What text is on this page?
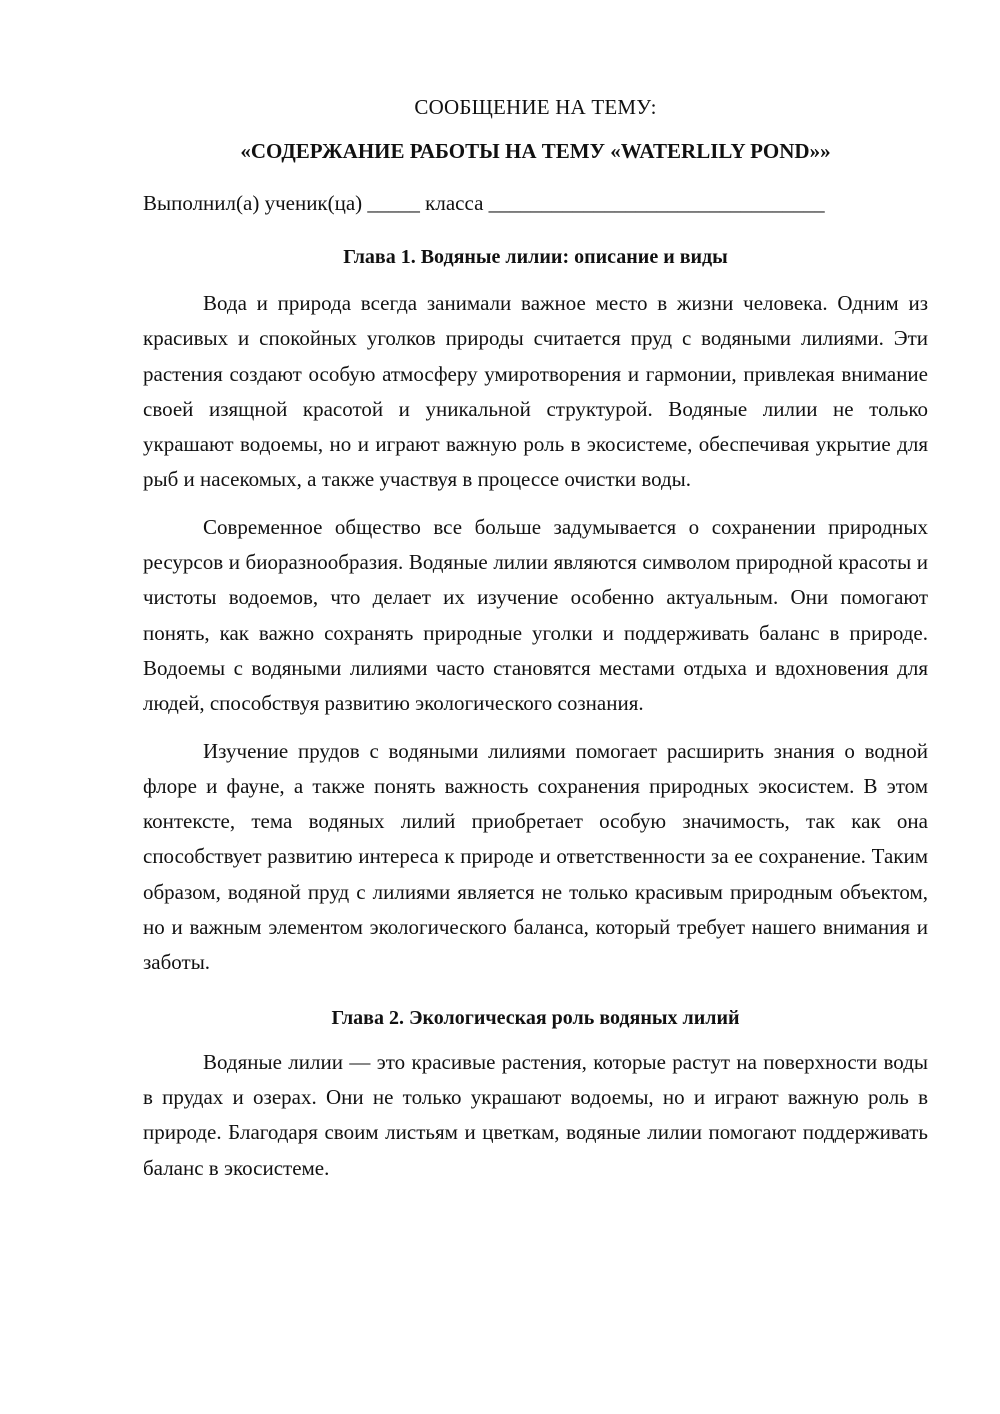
СООБЩЕНИЕ НА ТЕМУ:

«СОДЕРЖАНИЕ РАБОТЫ НА ТЕМУ «WATERLILY POND»»

Выполнил(а) ученик(ца) _____ класса ________________________________

Глава 1. Водяные лилии: описание и виды

Вода и природа всегда занимали важное место в жизни человека. Одним из красивых и спокойных уголков природы считается пруд с водяными лилиями. Эти растения создают особую атмосферу умиротворения и гармонии, привлекая внимание своей изящной красотой и уникальной структурой. Водяные лилии не только украшают водоемы, но и играют важную роль в экосистеме, обеспечивая укрытие для рыб и насекомых, а также участвуя в процессе очистки воды.

Современное общество все больше задумывается о сохранении природных ресурсов и биоразнообразия. Водяные лилии являются символом природной красоты и чистоты водоемов, что делает их изучение особенно актуальным. Они помогают понять, как важно сохранять природные уголки и поддерживать баланс в природе. Водоемы с водяными лилиями часто становятся местами отдыха и вдохновения для людей, способствуя развитию экологического сознания.

Изучение прудов с водяными лилиями помогает расширить знания о водной флоре и фауне, а также понять важность сохранения природных экосистем. В этом контексте, тема водяных лилий приобретает особую значимость, так как она способствует развитию интереса к природе и ответственности за ее сохранение. Таким образом, водяной пруд с лилиями является не только красивым природным объектом, но и важным элементом экологического баланса, который требует нашего внимания и заботы.

Глава 2. Экологическая роль водяных лилий

Водяные лилии — это красивые растения, которые растут на поверхности воды в прудах и озерах. Они не только украшают водоемы, но и играют важную роль в природе. Благодаря своим листьям и цветкам, водяные лилии помогают поддерживать баланс в экосистеме.
